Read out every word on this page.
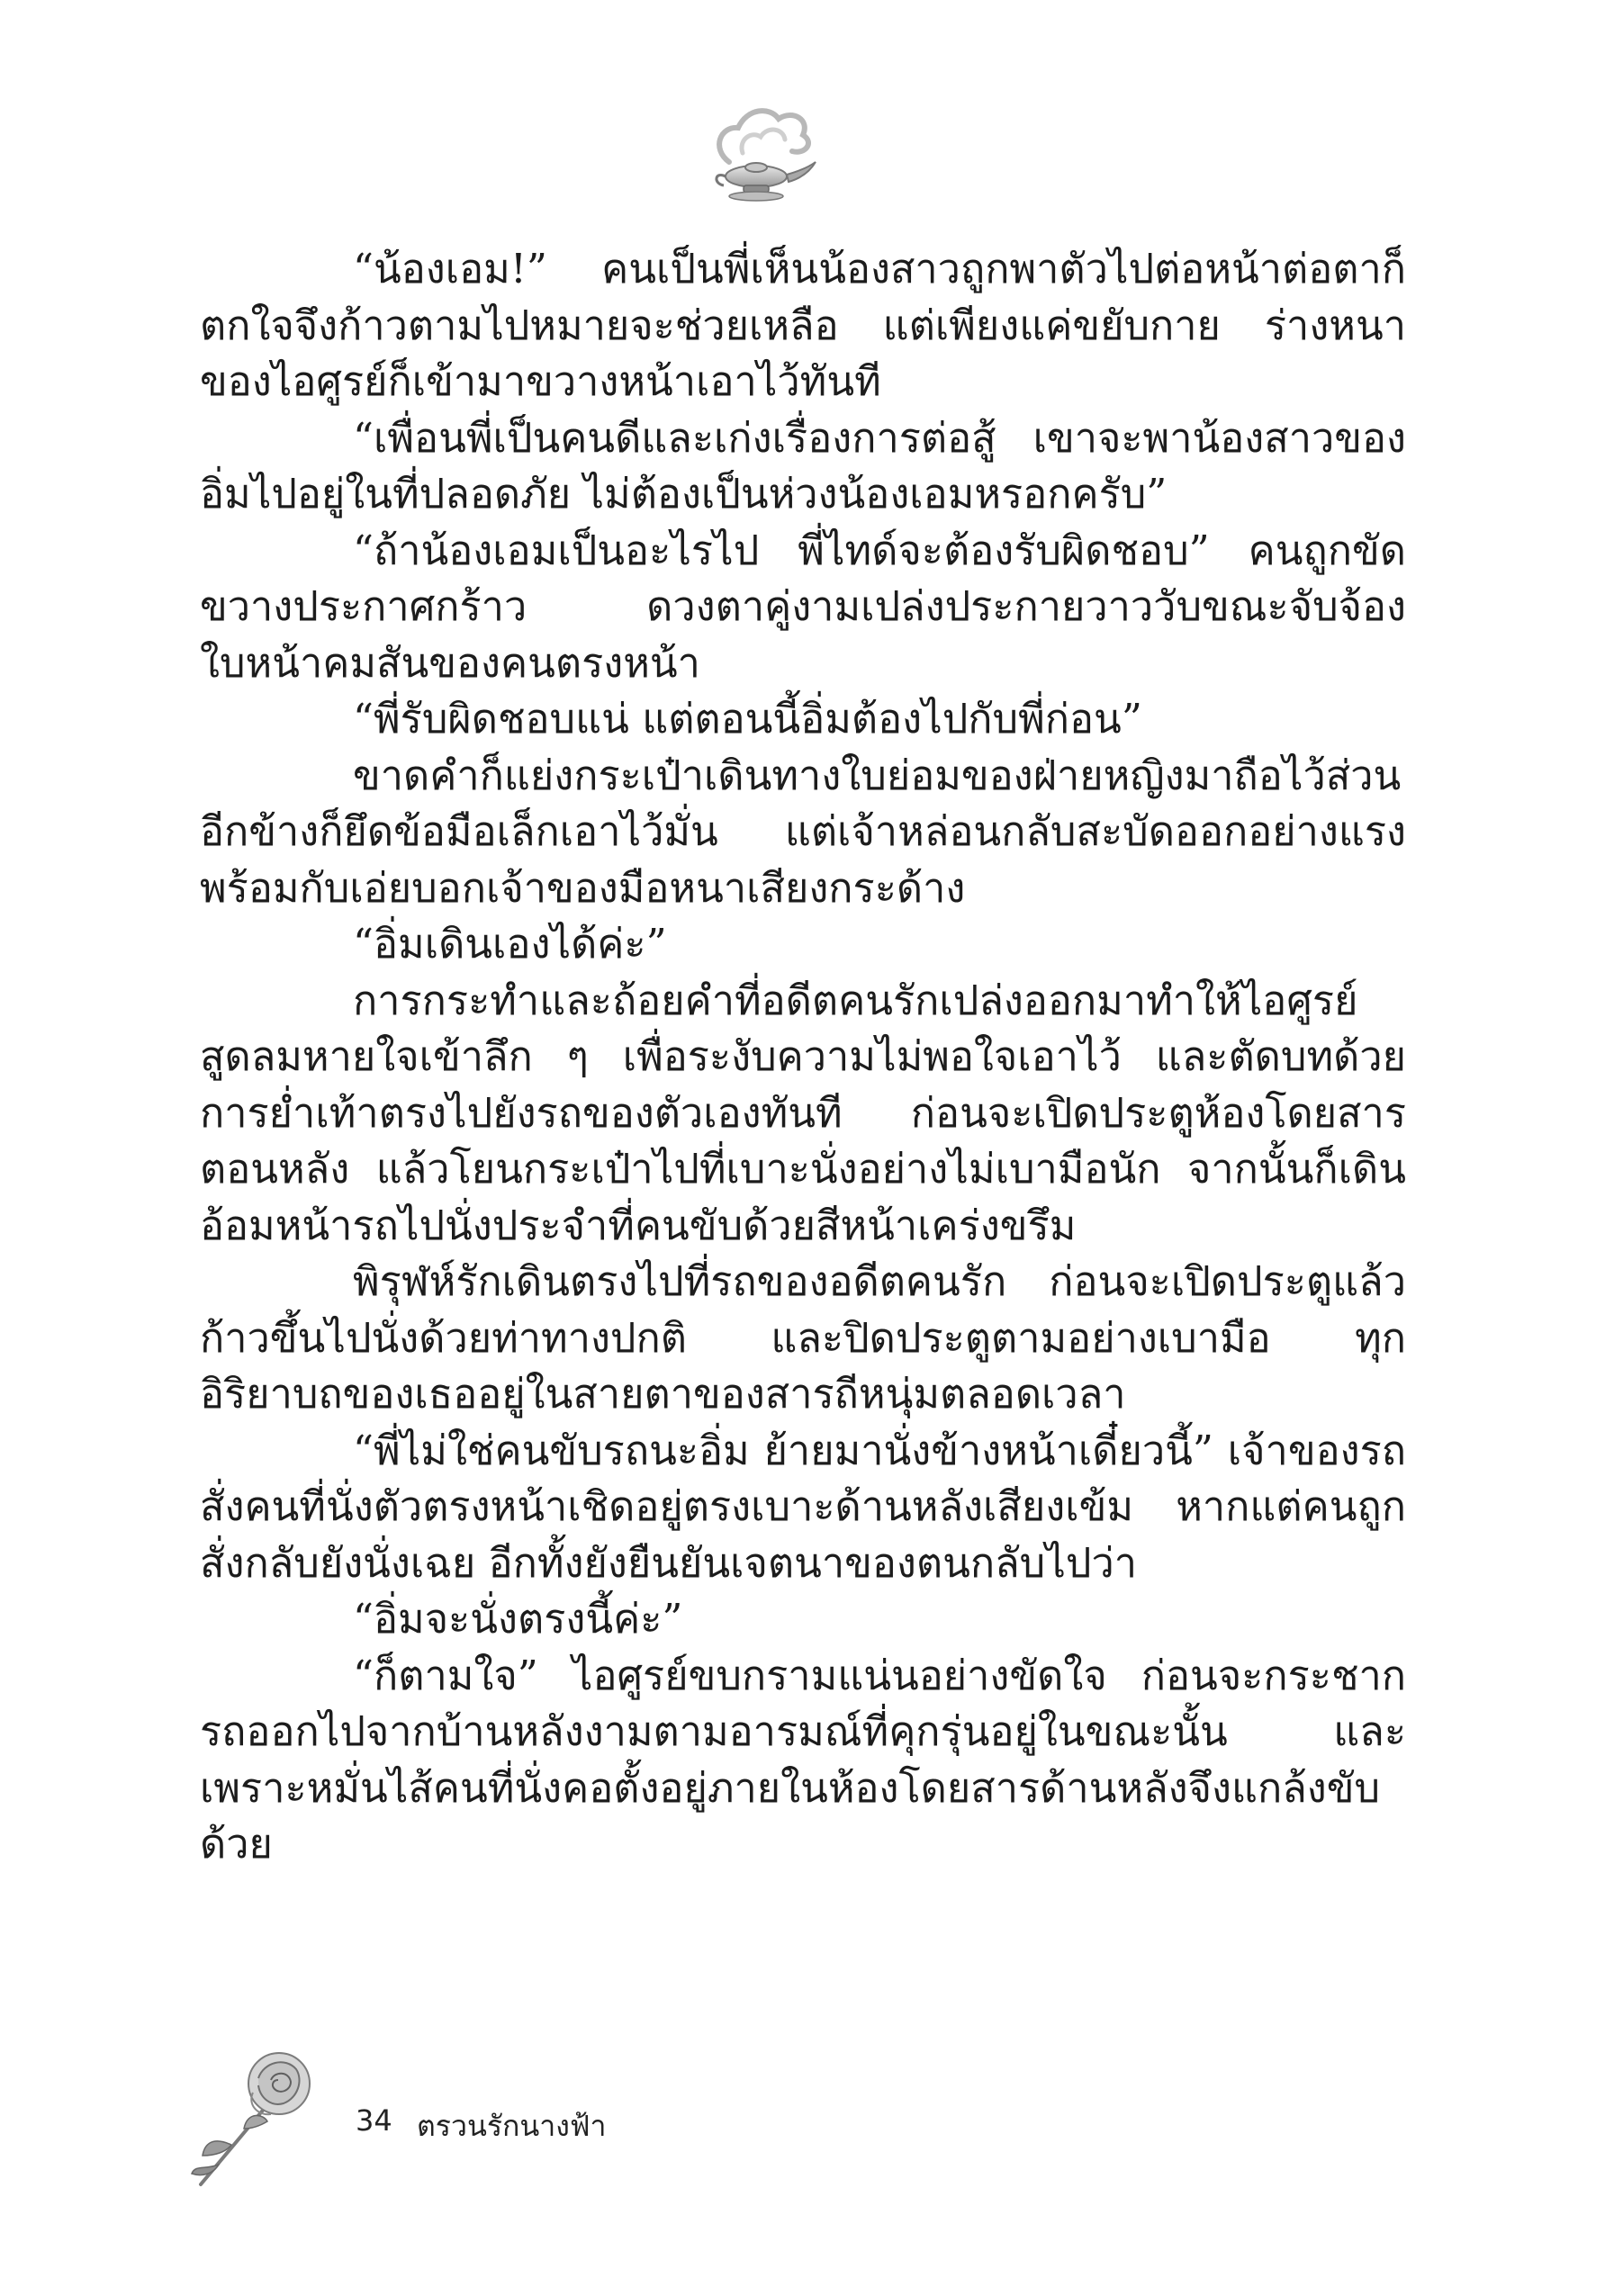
“น้องเอม!” คนเป็นพี่เห็นน้องสาวถูกพาตัวไปต่อหน้าต่อตาก็ตกใจจึงก้าวตามไปหมายจะช่วยเหลือ แต่เพียงแค่ขยับกาย ร่างหนาของไอศูรย์ก็เข้ามาขวางหน้าเอาไว้ทันที

“เพื่อนพี่เป็นคนดีและเก่งเรื่องการต่อสู้ เขาจะพาน้องสาวของอิ่มไปอยู่ในที่ปลอดภัย ไม่ต้องเป็นห่วงน้องเอมหรอกครับ”

“ถ้าน้องเอมเป็นอะไรไป พี่ไทด์จะต้องรับผิดชอบ” คนถูกขัดขวางประกาศกร้าว ดวงตาคู่งามเปล่งประกายวาววับขณะจับจ้องใบหน้าคมสันของคนตรงหน้า

“พี่รับผิดชอบแน่ แต่ตอนนี้อิ่มต้องไปกับพี่ก่อน”

ขาดคำก็แย่งกระเป๋าเดินทางใบย่อมของฝ่ายหญิงมาถือไว้ส่วนอีกข้างก็ยึดข้อมือเล็กเอาไว้มั่น แต่เจ้าหล่อนกลับสะบัดออกอย่างแรงพร้อมกับเอ่ยบอกเจ้าของมือหนาเสียงกระด้าง

“อิ่มเดินเองได้ค่ะ”

การกระทำและถ้อยคำที่อดีตคนรักเปล่งออกมาทำให้ไอศูรย์สูดลมหายใจเข้าลึก ๆ เพื่อระงับความไม่พอใจเอาไว้ และตัดบทด้วยการย่ำเท้าตรงไปยังรถของตัวเองทันที ก่อนจะเปิดประตูห้องโดยสารตอนหลัง แล้วโยนกระเป๋าไปที่เบาะนั่งอย่างไม่เบามือนัก จากนั้นก็เดินอ้อมหน้ารถไปนั่งประจำที่คนขับด้วยสีหน้าเคร่งขรึม

พิรุฬห์รักเดินตรงไปที่รถของอดีตคนรัก ก่อนจะเปิดประตูแล้วก้าวขึ้นไปนั่งด้วยท่าทางปกติ และปิดประตูตามอย่างเบามือ ทุกอิริยาบถของเธออยู่ในสายตาของสารถีหนุ่มตลอดเวลา

“พี่ไม่ใช่คนขับรถนะอิ่ม ย้ายมานั่งข้างหน้าเดี๋ยวนี้” เจ้าของรถสั่งคนที่นั่งตัวตรงหน้าเชิดอยู่ตรงเบาะด้านหลังเสียงเข้ม หากแต่คนถูกสั่งกลับยังนั่งเฉย อีกทั้งยังยืนยันเจตนาของตนกลับไปว่า

“อิ่มจะนั่งตรงนี้ค่ะ”

“ก็ตามใจ” ไอศูรย์ขบกรามแน่นอย่างขัดใจ ก่อนจะกระชากรถออกไปจากบ้านหลังงามตามอารมณ์ที่คุกรุ่นอยู่ในขณะนั้น และเพราะหมั่นไส้คนที่นั่งคอตั้งอยู่ภายในห้องโดยสารด้านหลังจึงแกล้งขับด้วย

34 ตรวนรักนางฟ้า
